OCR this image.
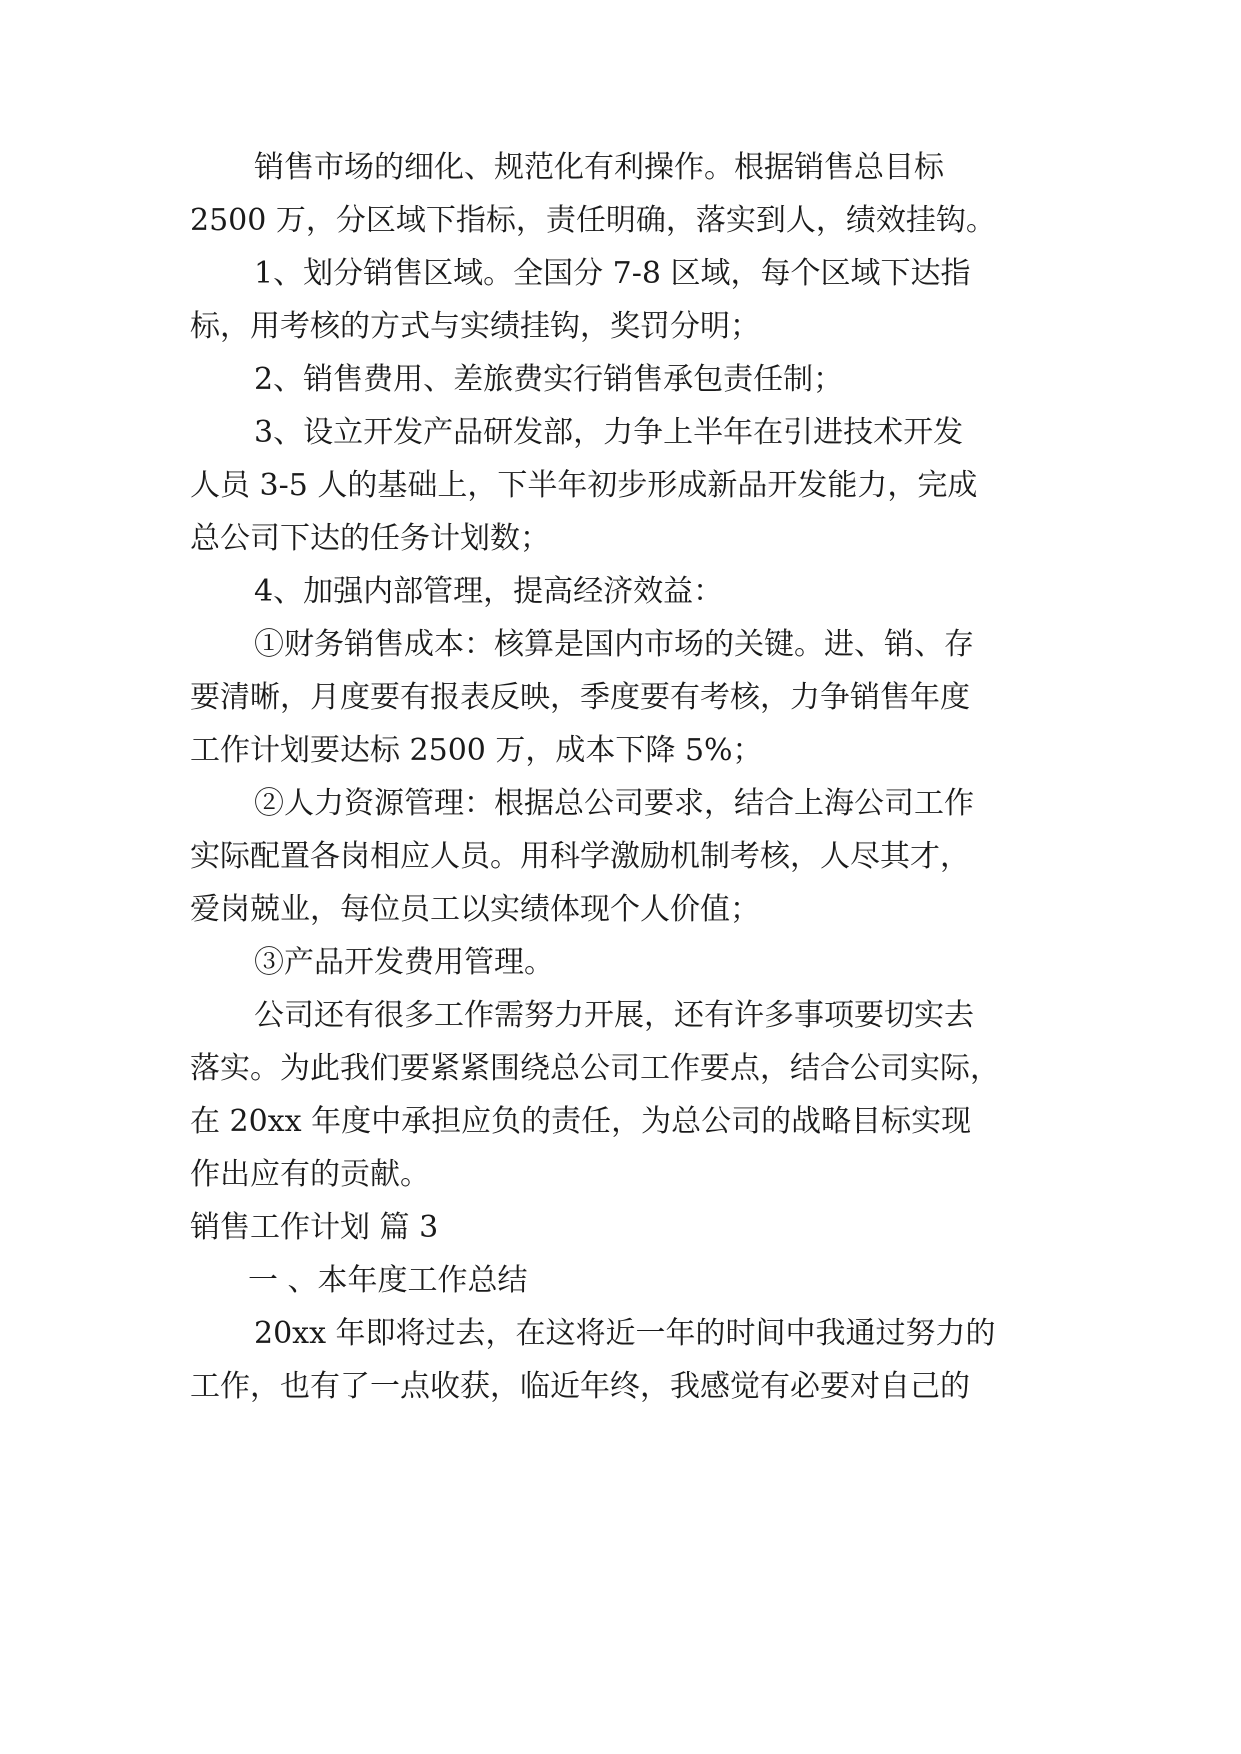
销售市场的细化、规范化有利操作。根据销售总目标
2500 万，分区域下指标，责任明确，落实到人，绩效挂钩。
1、划分销售区域。全国分 7-8 区域，每个区域下达指
标，用考核的方式与实绩挂钩，奖罚分明；
2、销售费用、差旅费实行销售承包责任制；
3、设立开发产品研发部，力争上半年在引进技术开发
人员 3-5 人的基础上，下半年初步形成新品开发能力，完成
总公司下达的任务计划数；
4、加强内部管理，提高经济效益：
①财务销售成本：核算是国内市场的关键。进、销、存
要清晰，月度要有报表反映，季度要有考核，力争销售年度
工作计划要达标 2500 万，成本下降 5%；
②人力资源管理：根据总公司要求，结合上海公司工作
实际配置各岗相应人员。用科学激励机制考核，人尽其才，
爱岗兢业，每位员工以实绩体现个人价值；
③产品开发费用管理。
公司还有很多工作需努力开展，还有许多事项要切实去
落实。为此我们要紧紧围绕总公司工作要点，结合公司实际，
在 20xx 年度中承担应负的责任，为总公司的战略目标实现
作出应有的贡献。
销售工作计划 篇 3
一 、本年度工作总结
20xx 年即将过去，在这将近一年的时间中我通过努力的
工作，也有了一点收获，临近年终，我感觉有必要对自己的
